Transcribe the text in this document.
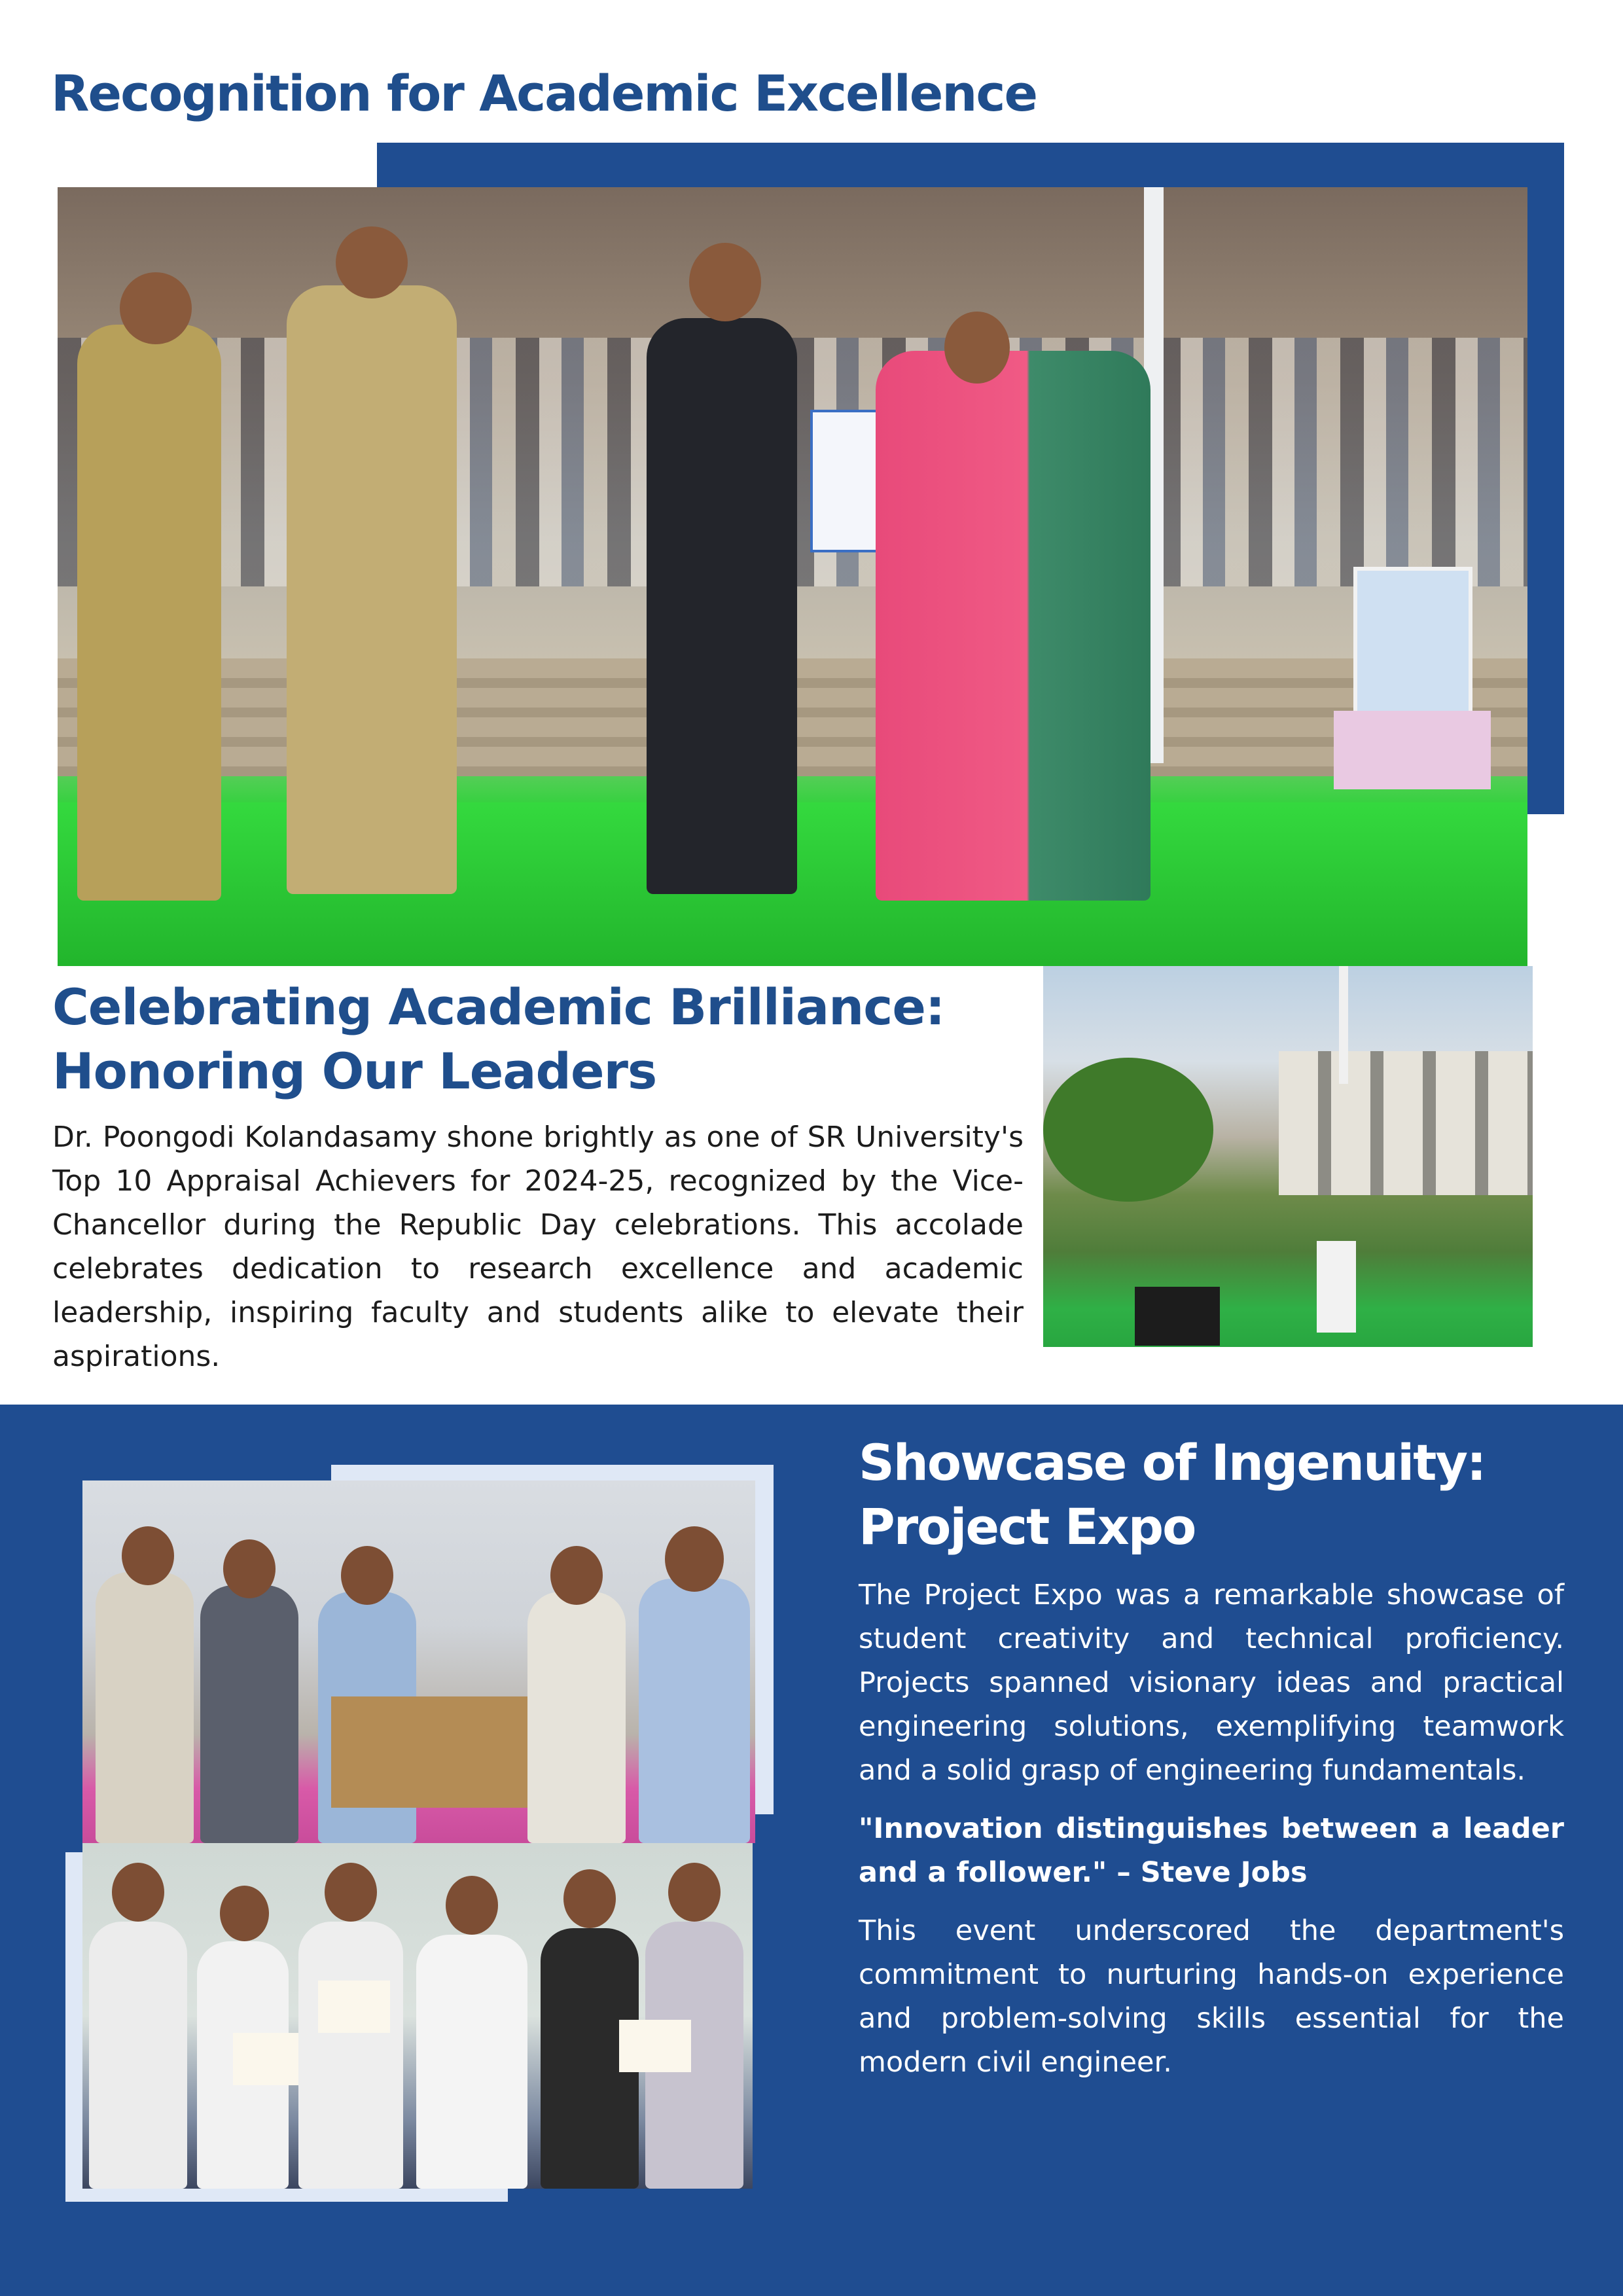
Recognition for Academic Excellence
Celebrating Academic Brilliance:
Honoring Our Leaders

Dr. Poongodi Kolandasamy shone brightly as one of SR University's Top 10 Appraisal Achievers for 2024-25, recognized by the Vice-Chancellor during the Republic Day celebrations. This accolade celebrates dedication to research excellence and academic leadership, inspiring faculty and students alike to elevate their aspirations.

Showcase of Ingenuity:
Project Expo

The Project Expo was a remarkable showcase of student creativity and technical proficiency. Projects spanned visionary ideas and practical engineering solutions, exemplifying teamwork and a solid grasp of engineering fundamentals.

"Innovation distinguishes between a leader and a follower." – Steve Jobs

This event underscored the department's commitment to nurturing hands-on experience and problem-solving skills essential for the modern civil engineer.
